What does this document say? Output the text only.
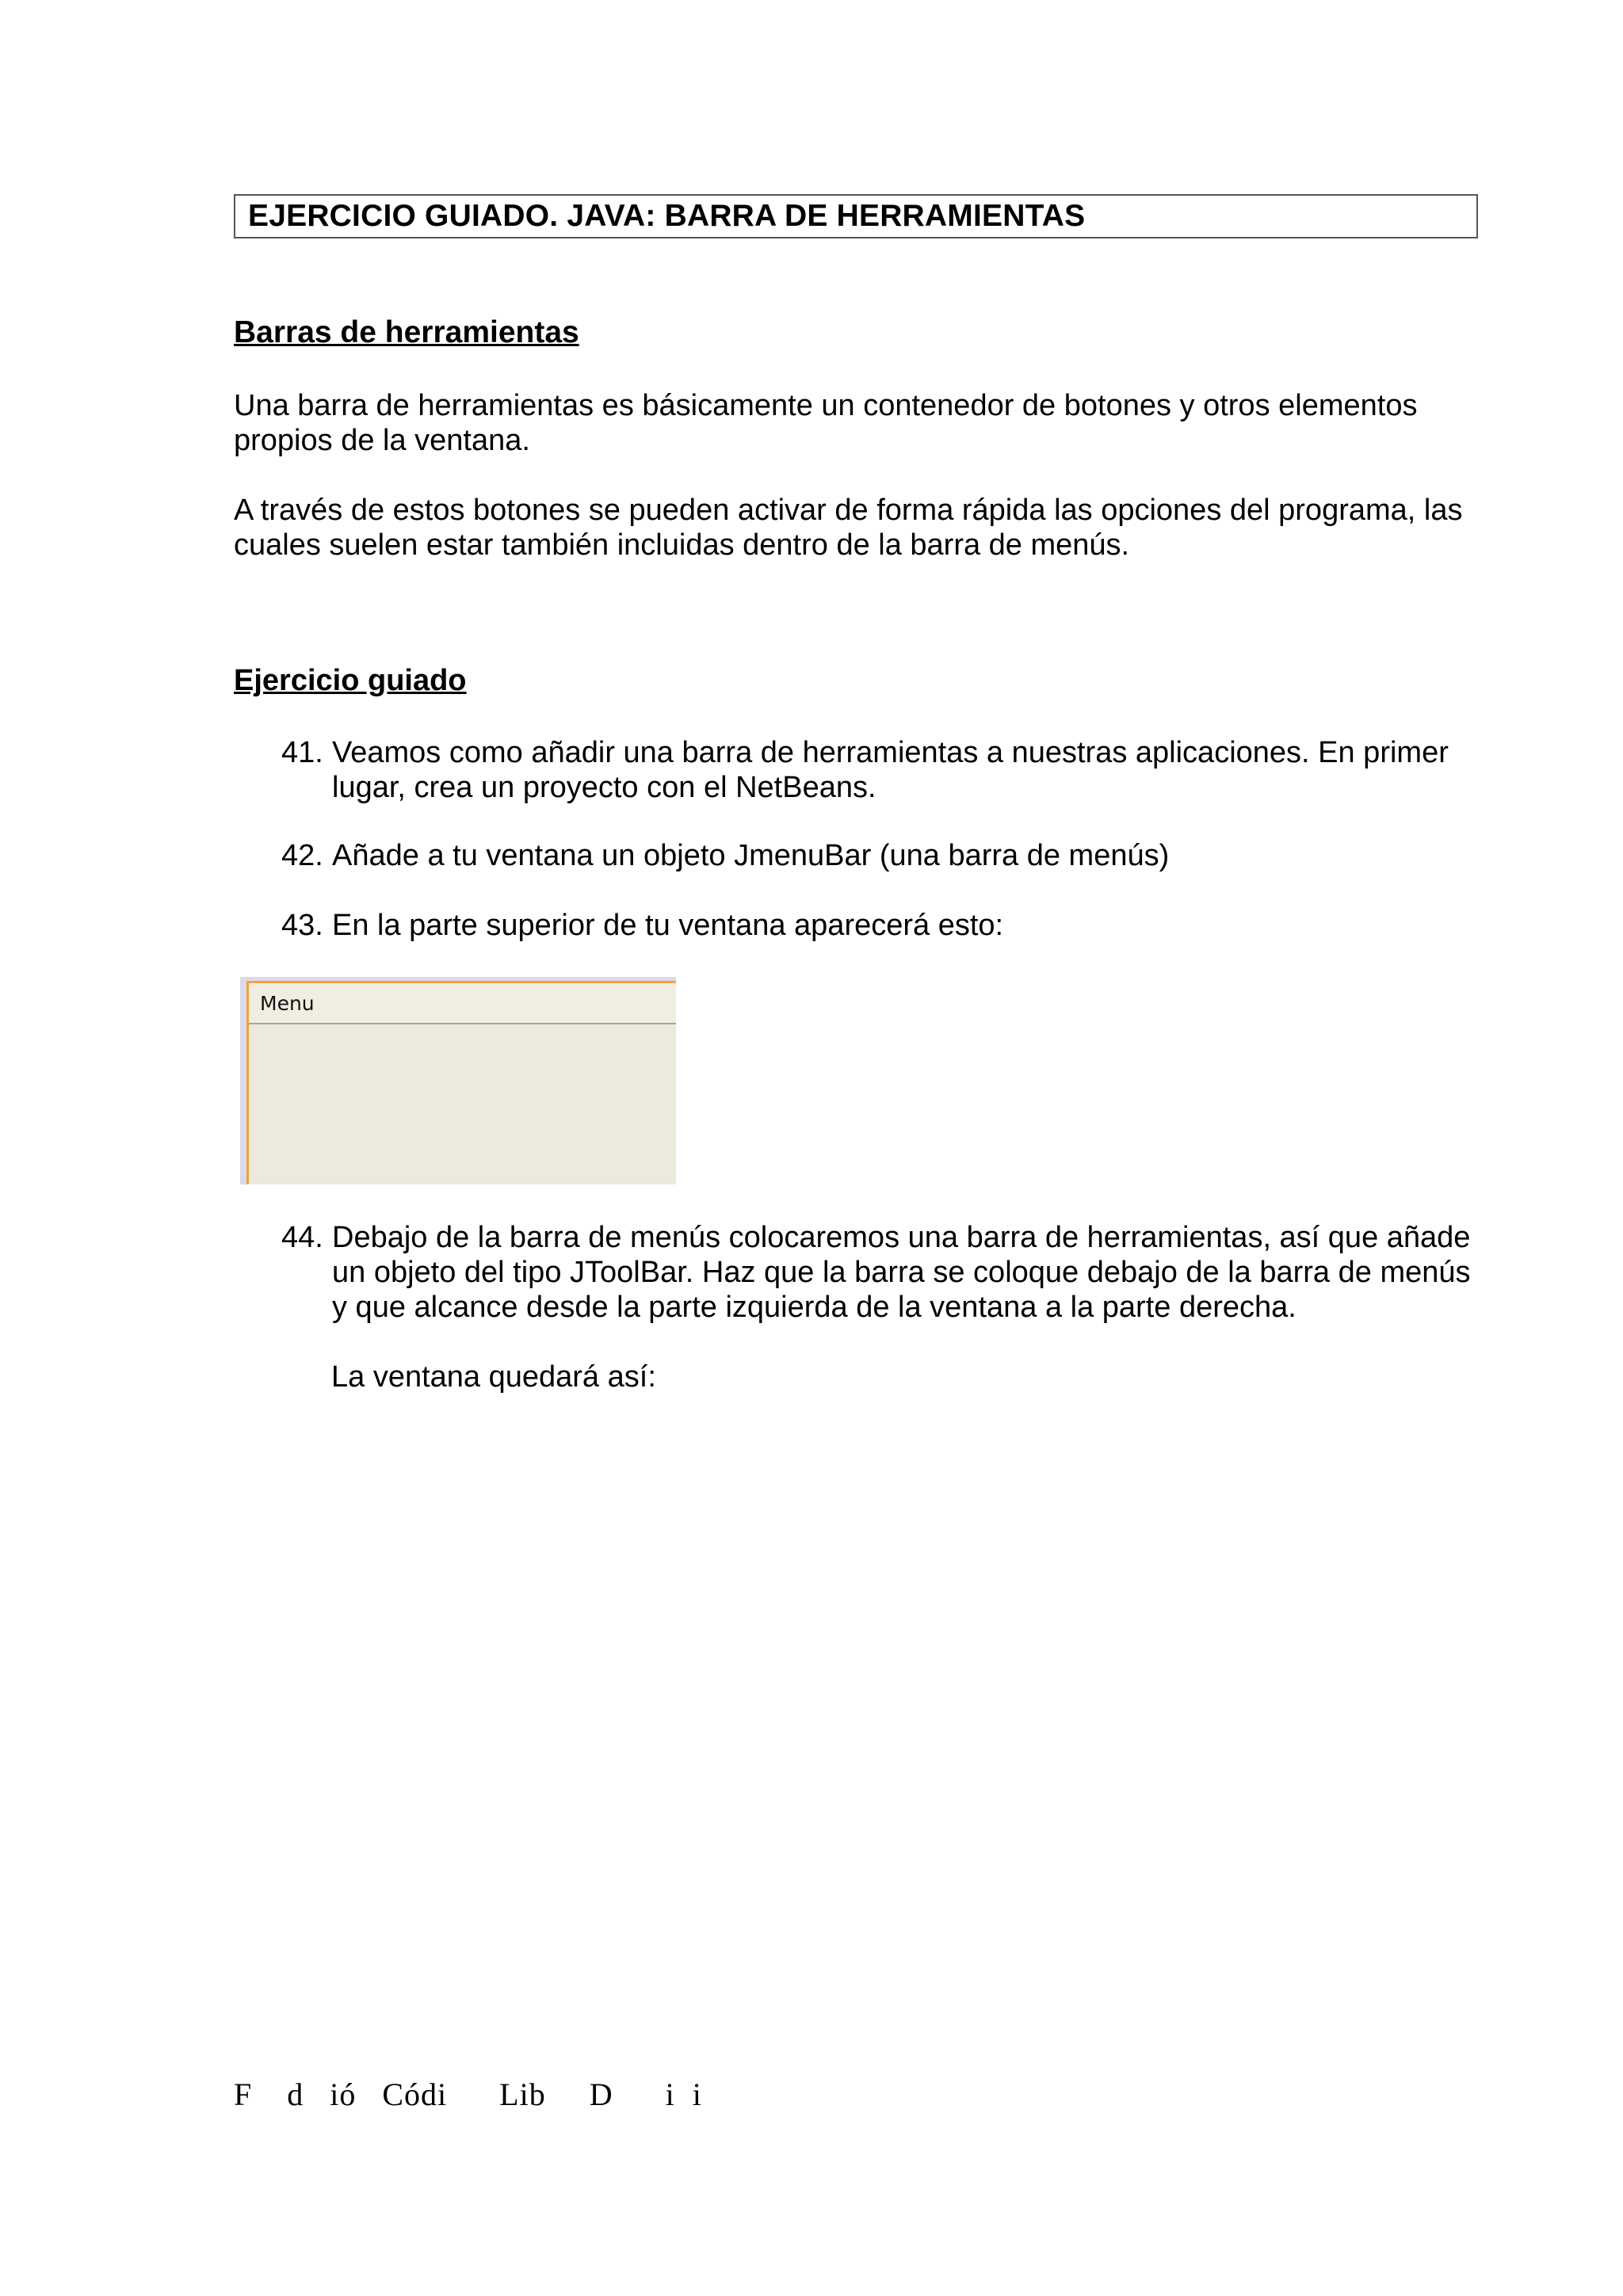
EJERCICIO GUIADO. JAVA: BARRA DE HERRAMIENTAS
Barras de herramientas
Una barra de herramientas es básicamente un contenedor de botones y otros elementos propios de la ventana.
A través de estos botones se pueden activar de forma rápida las opciones del programa, las cuales suelen estar también incluidas dentro de la barra de menús.
Ejercicio guiado
41. Veamos como añadir una barra de herramientas a nuestras aplicaciones. En primer lugar, crea un proyecto con el NetBeans.
42. Añade a tu ventana un objeto JmenuBar (una barra de menús)
43. En la parte superior de tu ventana aparecerá esto:
Menu
44. Debajo de la barra de menús colocaremos una barra de herramientas, así que añade un objeto del tipo JToolBar. Haz que la barra se coloque debajo de la barra de menús y que alcance desde la parte izquierda de la ventana a la parte derecha.
La ventana quedará así:
F    d   ió   Códi      Lib     D      i  i
